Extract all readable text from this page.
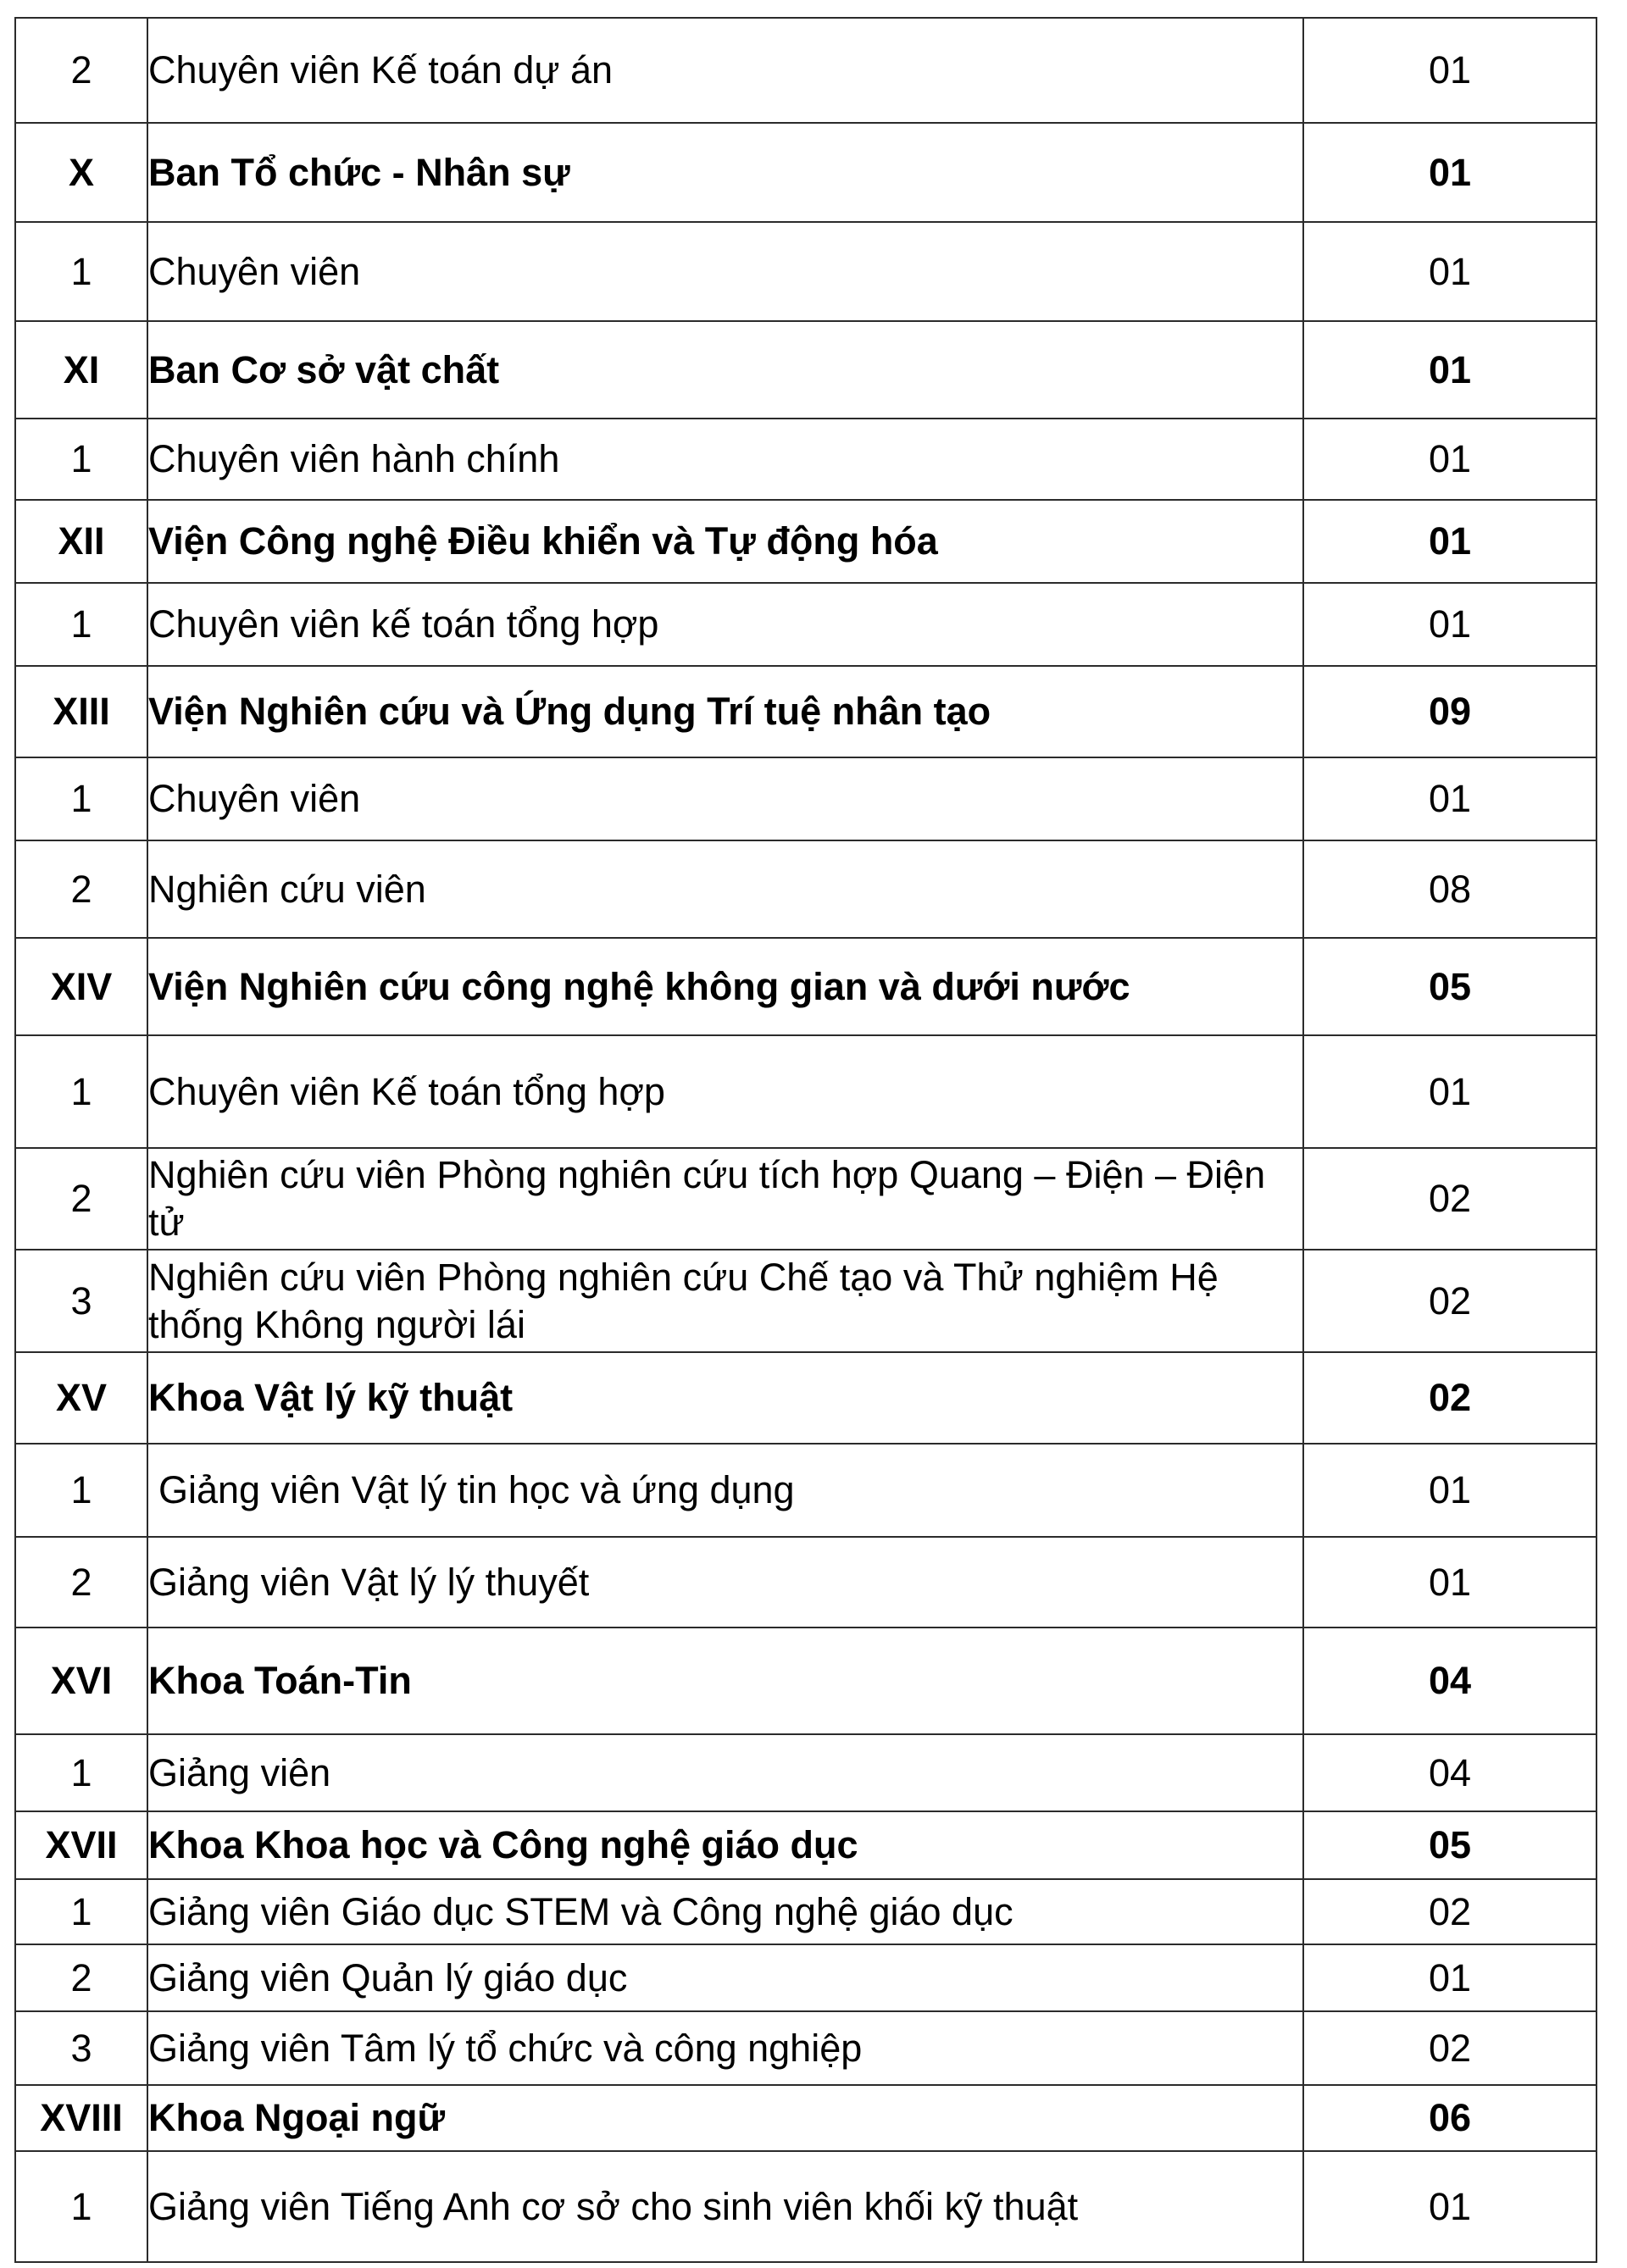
2	Chuyên viên Kế toán dự án	01
X	Ban Tổ chức - Nhân sự	01
1	Chuyên viên	01
XI	Ban Cơ sở vật chất	01
1	Chuyên viên hành chính	01
XII	Viện Công nghệ Điều khiển và Tự động hóa	01
1	Chuyên viên kế toán tổng hợp	01
XIII	Viện Nghiên cứu và Ứng dụng Trí tuệ nhân tạo	09
1	Chuyên viên	01
2	Nghiên cứu viên	08
XIV	Viện Nghiên cứu công nghệ không gian và dưới nước	05
1	Chuyên viên Kế toán tổng hợp	01
2	Nghiên cứu viên Phòng nghiên cứu tích hợp Quang – Điện – Điện tử	02
3	Nghiên cứu viên Phòng nghiên cứu Chế tạo và Thử nghiệm Hệ thống Không người lái	02
XV	Khoa Vật lý kỹ thuật	02
1	Giảng viên Vật lý tin học và ứng dụng	01
2	Giảng viên Vật lý lý thuyết	01
XVI	Khoa Toán-Tin	04
1	Giảng viên	04
XVII	Khoa Khoa học và Công nghệ giáo dục	05
1	Giảng viên Giáo dục STEM và Công nghệ giáo dục	02
2	Giảng viên Quản lý giáo dục	01
3	Giảng viên Tâm lý tổ chức và công nghiệp	02
XVIII	Khoa Ngoại ngữ	06
1	Giảng viên Tiếng Anh cơ sở cho sinh viên khối kỹ thuật	01
